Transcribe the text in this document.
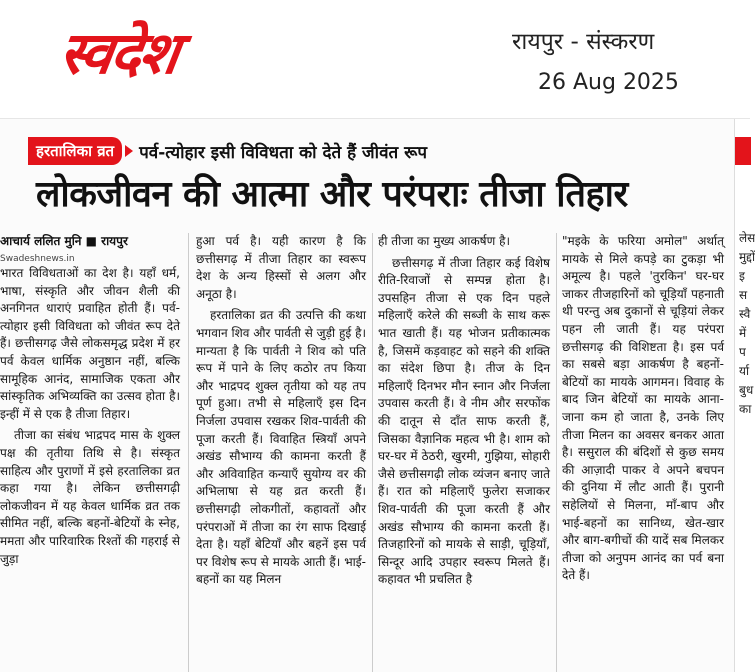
स्वदेश	रायपुर - संस्करण
26 Aug 2025
हरतालिका व्रत	पर्व-त्योहार इसी विविधता को देते हैं जीवंत रूप
लोकजीवन की आत्मा और परंपराः तीजा तिहार
आचार्य ललित मुनि ■ रायपुर
Swadeshnews.in

भारत विविधताओं का देश है। यहाँ धर्म, भाषा, संस्कृति और जीवन शैली की अनगिनत धाराएं प्रवाहित होती हैं। पर्व-त्योहार इसी विविधता को जीवंत रूप देते हैं। छत्तीसगढ़ जैसे लोकसमृद्ध प्रदेश में हर पर्व केवल धार्मिक अनुष्ठान नहीं, बल्कि सामूहिक आनंद, सामाजिक एकता और सांस्कृतिक अभिव्यक्ति का उत्सव होता है। इन्हीं में से एक है तीजा तिहार।

तीजा का संबंध भाद्रपद मास के शुक्ल पक्ष की तृतीया तिथि से है। संस्कृत साहित्य और पुराणों में इसे हरतालिका व्रत कहा गया है। लेकिन छत्तीसगढ़ी लोकजीवन में यह केवल धार्मिक व्रत तक सीमित नहीं, बल्कि बहनों-बेटियों के स्नेह, ममता और पारिवारिक रिश्तों की गहराई से जुड़ा

हुआ पर्व है। यही कारण है कि छत्तीसगढ़ में तीजा तिहार का स्वरूप देश के अन्य हिस्सों से अलग और अनूठा है।

हरतालिका व्रत की उत्पत्ति की कथा भगवान शिव और पार्वती से जुड़ी हुई है। मान्यता है कि पार्वती ने शिव को पति रूप में पाने के लिए कठोर तप किया और भाद्रपद शुक्ल तृतीया को यह तप पूर्ण हुआ। तभी से महिलाएँ इस दिन निर्जला उपवास रखकर शिव-पार्वती की पूजा करती हैं। विवाहित स्त्रियाँ अपने अखंड सौभाग्य की कामना करती हैं और अविवाहित कन्याएँ सुयोग्य वर की अभिलाषा से यह व्रत करती हैं। छत्तीसगढ़ी लोकगीतों, कहावतों और परंपराओं में तीजा का रंग साफ दिखाई देता है। यहाँ बेटियाँ और बहनें इस पर्व पर विशेष रूप से मायके आती हैं। भाई-बहनों का यह मिलन

ही तीजा का मुख्य आकर्षण है।

छत्तीसगढ़ में तीजा तिहार कई विशेष रीति-रिवाजों से सम्पन्न होता है। उपसहिन तीजा से एक दिन पहले महिलाएँ करेले की सब्जी के साथ करू भात खाती हैं। यह भोजन प्रतीकात्मक है, जिसमें कड़वाहट को सहने की शक्ति का संदेश छिपा है। तीज के दिन महिलाएँ दिनभर मौन स्नान और निर्जला उपवास करती हैं। वे नीम और सरफोंक की दातून से दाँत साफ करती हैं, जिसका वैज्ञानिक महत्व भी है। शाम को घर-घर में ठेठरी, खुरमी, गुझिया, सोहारी जैसे छत्तीसगढ़ी लोक व्यंजन बनाए जाते हैं। रात को महिलाएँ फुलेरा सजाकर शिव-पार्वती की पूजा करती हैं और अखंड सौभाग्य की कामना करती हैं। तिजहारिनों को मायके से साड़ी, चूड़ियाँ, सिन्दूर आदि उपहार स्वरूप मिलते हैं। कहावत भी प्रचलित है

"मइके के फरिया अमोल" अर्थात् मायके से मिले कपड़े का टुकड़ा भी अमूल्य है। पहले 'तुरकिन' घर-घर जाकर तीजहारिनों को चूड़ियाँ पहनाती थी परन्तु अब दुकानों से चूड़ियां लेकर पहन ली जाती हैं। यह परंपरा छत्तीसगढ़ की विशिष्टता है। इस पर्व का सबसे बड़ा आकर्षण है बहनों-बेटियों का मायके आगमन। विवाह के बाद जिन बेटियों का मायके आना-जाना कम हो जाता है, उनके लिए तीजा मिलन का अवसर बनकर आता है। ससुराल की बंदिशों से कुछ समय की आज़ादी पाकर वे अपने बचपन की दुनिया में लौट आती हैं। पुरानी सहेलियों से मिलना, माँ-बाप और भाई-बहनों का सानिध्य, खेत-खार और बाग-बगीचों की यादें सब मिलकर तीजा को अनुपम आनंद का पर्व बना देते हैं।

लेस मुद्दों इस स्वै में पर्या बुध का
